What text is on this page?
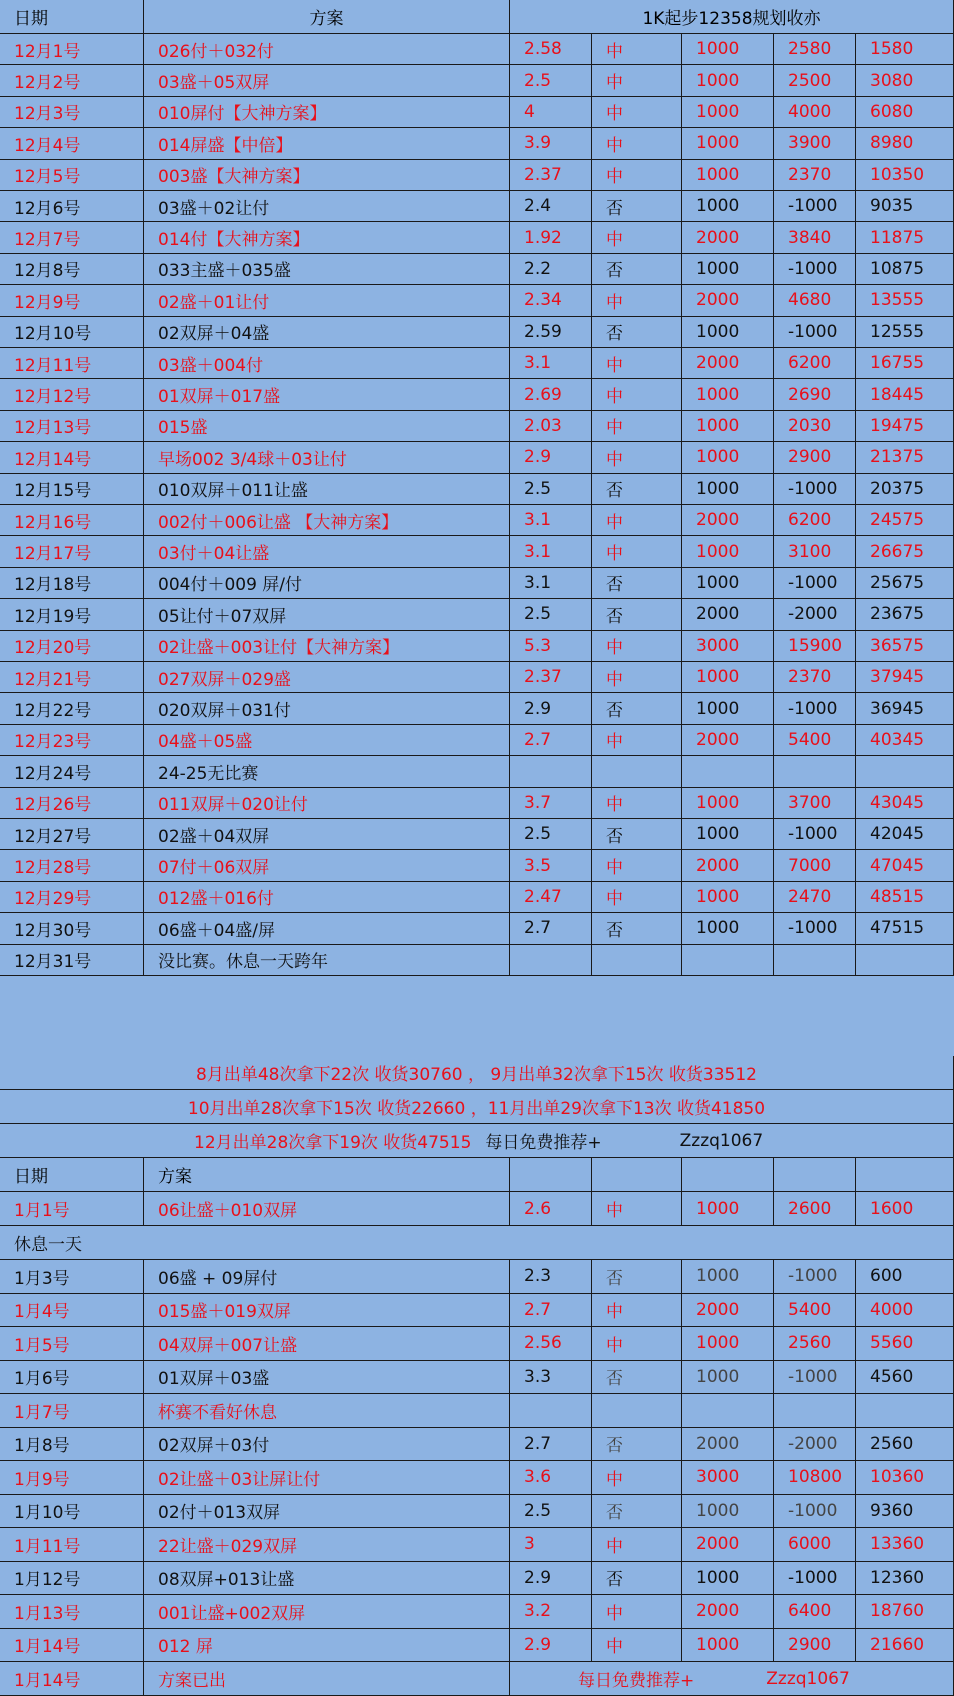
日期	方案	1K起步12358规划收亦
12月1号	026付＋032付	2.58	中	1000	2580	1580
12月2号	03盛＋05双屏	2.5	中	1000	2500	3080
12月3号	010屏付【大神方案】	4	中	1000	4000	6080
12月4号	014屏盛【中倍】	3.9	中	1000	3900	8980
12月5号	003盛【大神方案】	2.37	中	1000	2370	10350
12月6号	03盛＋02让付	2.4	否	1000	-1000	9035
12月7号	014付【大神方案】	1.92	中	2000	3840	11875
12月8号	033主盛＋035盛	2.2	否	1000	-1000	10875
12月9号	02盛＋01让付	2.34	中	2000	4680	13555
12月10号	02双屏＋04盛	2.59	否	1000	-1000	12555
12月11号	03盛＋004付	3.1	中	2000	6200	16755
12月12号	01双屏＋017盛	2.69	中	1000	2690	18445
12月13号	015盛	2.03	中	1000	2030	19475
12月14号	早场002 3/4球＋03让付	2.9	中	1000	2900	21375
12月15号	010双屏＋011让盛	2.5	否	1000	-1000	20375
12月16号	002付＋006让盛 【大神方案】	3.1	中	2000	6200	24575
12月17号	03付＋04让盛	3.1	中	1000	3100	26675
12月18号	004付＋009 屏/付	3.1	否	1000	-1000	25675
12月19号	05让付＋07双屏	2.5	否	2000	-2000	23675
12月20号	02让盛＋003让付【大神方案】	5.3	中	3000	15900	36575
12月21号	027双屏＋029盛	2.37	中	1000	2370	37945
12月22号	020双屏＋031付	2.9	否	1000	-1000	36945
12月23号	04盛＋05盛	2.7	中	2000	5400	40345
12月24号	24-25无比赛
12月26号	011双屏＋020让付	3.7	中	1000	3700	43045
12月27号	02盛＋04双屏	2.5	否	1000	-1000	42045
12月28号	07付＋06双屏	3.5	中	2000	7000	47045
12月29号	012盛＋016付	2.47	中	1000	2470	48515
12月30号	06盛＋04盛/屏	2.7	否	1000	-1000	47515
12月31号	没比赛。休息一天跨年
8月出单48次拿下22次 收货30760 ， 9月出单32次拿下15次 收货33512
10月出单28次拿下15次 收货22660 ，11月出单29次拿下13次 收货41850
12月出单28次拿下19次 收货47515 每日免费推荐+	Zzzq1067
日期	方案
1月1号	06让盛＋010双屏	2.6	中	1000	2600	1600
休息一天
1月3号	06盛 + 09屏付	2.3	否	1000	-1000	600
1月4号	015盛＋019双屏	2.7	中	2000	5400	4000
1月5号	04双屏＋007让盛	2.56	中	1000	2560	5560
1月6号	01双屏＋03盛	3.3	否	1000	-1000	4560
1月7号	杯赛不看好休息
1月8号	02双屏＋03付	2.7	否	2000	-2000	2560
1月9号	02让盛＋03让屏让付	3.6	中	3000	10800	10360
1月10号	02付＋013双屏	2.5	否	1000	-1000	9360
1月11号	22让盛＋029双屏	3	中	2000	6000	13360
1月12号	08双屏+013让盛	2.9	否	1000	-1000	12360
1月13号	001让盛+002双屏	3.2	中	2000	6400	18760
1月14号	012 屏	2.9	中	1000	2900	21660
1月14号	方案已出	每日免费推荐+	Zzzq1067
